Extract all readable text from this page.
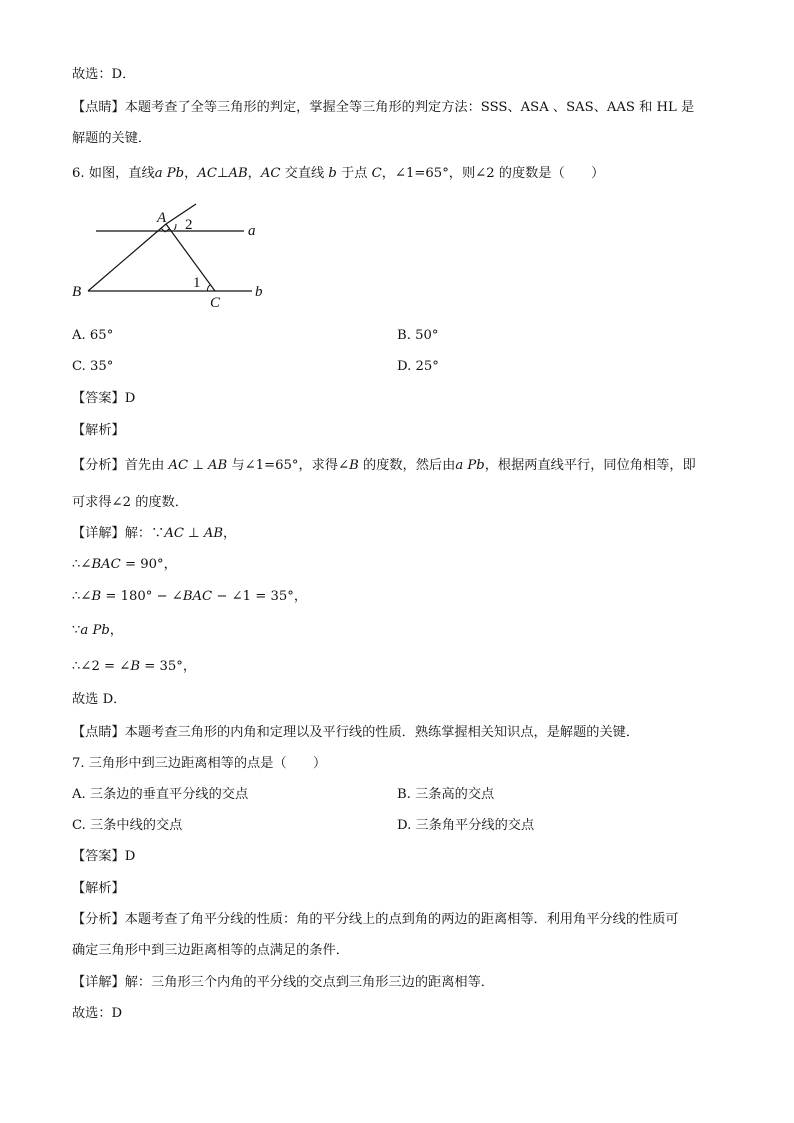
故选：D．
【点睛】本题考查了全等三角形的判定，掌握全等三角形的判定方法：SSS、ASA 、SAS、AAS 和 HL 是
解题的关键．
6. 如图，直线a Pb，AC⊥AB，AC 交直线 b 于点 C，∠1=65°，则∠2 的度数是（　　）
A 2	a
B
1
C
b
A. 65°	B. 50°
C. 35°	D. 25°
【答案】D
【解析】
【分析】首先由 AC ⊥ AB 与∠1=65°，求得∠B 的度数，然后由a Pb，根据两直线平行，同位角相等，即
可求得∠2 的度数．
【详解】解：∵AC ⊥ AB，
∴∠BAC = 90°，
∴∠B = 180° − ∠BAC − ∠1 = 35°，
∵a Pb，
∴∠2 = ∠B = 35°，
故选 D．
【点睛】本题考查三角形的内角和定理以及平行线的性质．熟练掌握相关知识点，是解题的关键．
7. 三角形中到三边距离相等的点是（　　）
A. 三条边的垂直平分线的交点	B. 三条高的交点
C. 三条中线的交点	D. 三条角平分线的交点
【答案】D
【解析】
【分析】本题考查了角平分线的性质：角的平分线上的点到角的两边的距离相等．利用角平分线的性质可
确定三角形中到三边距离相等的点满足的条件．
【详解】解：三角形三个内角的平分线的交点到三角形三边的距离相等．
故选：D
